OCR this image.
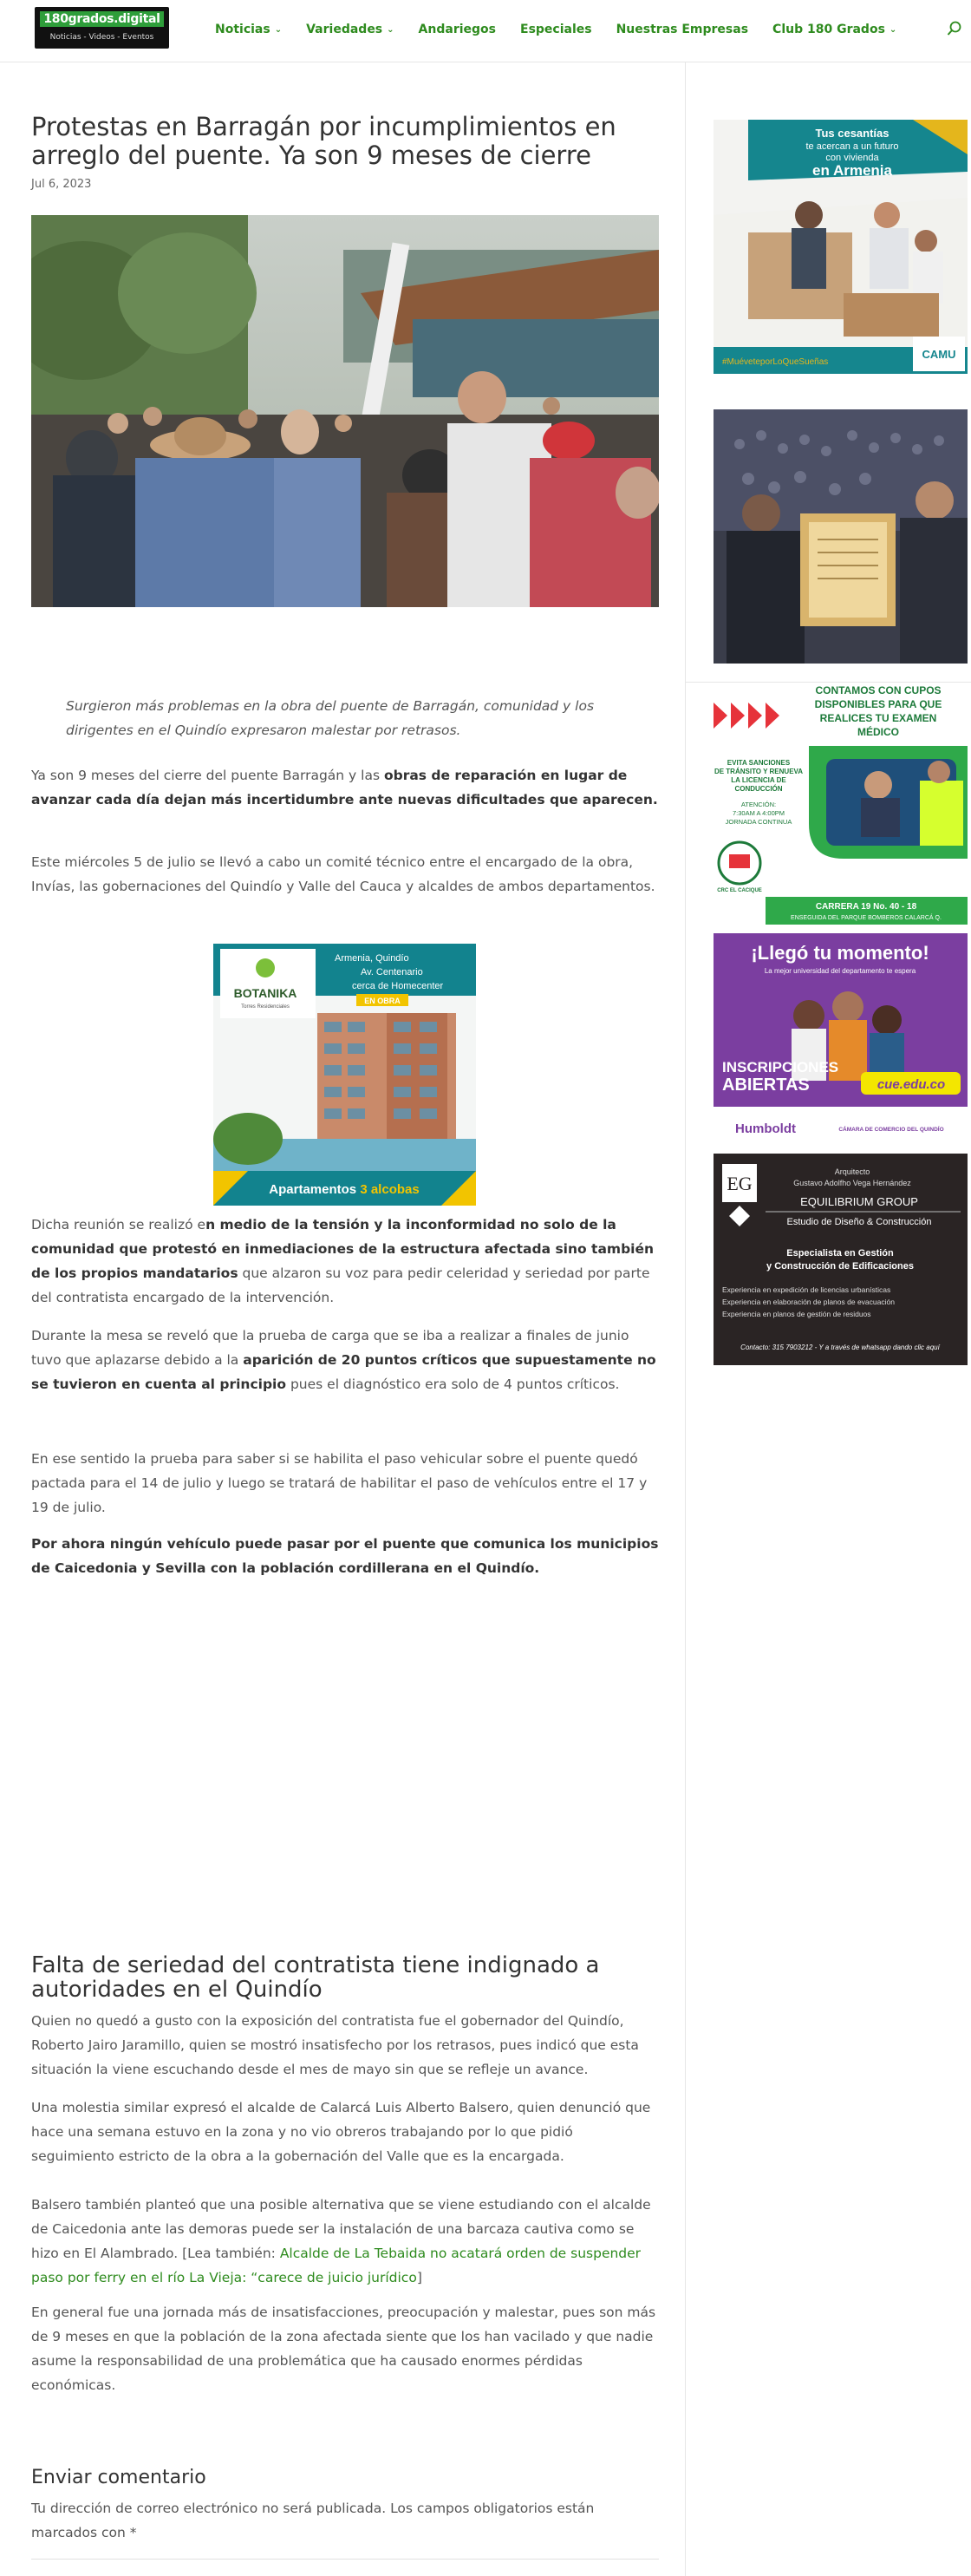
180grados.digital
Noticias - Videos - Eventos
Noticias ⌄ Variedades ⌄ Andariegos Especiales Nuestras Empresas Club 180 Grados ⌄
Protestas en Barragán por incumplimientos en arreglo del puente. Ya son 9 meses de cierre
Jul 6, 2023
Surgieron más problemas en la obra del puente de Barragán, comunidad y los dirigentes en el Quindío expresaron malestar por retrasos.
Ya son 9 meses del cierre del puente Barragán y las obras de reparación en lugar de avanzar cada día dejan más incertidumbre ante nuevas dificultades que aparecen.
Este miércoles 5 de julio se llevó a cabo un comité técnico entre el encargado de la obra, Invías, las gobernaciones del Quindío y Valle del Cauca y alcaldes de ambos departamentos.
BOTANIKA
Torres Residenciales
Armenia, Quindío
Av. Centenario
cerca de Homecenter
EN OBRA
Apartamentos 3 alcobas
Dicha reunión se realizó en medio de la tensión y la inconformidad no solo de la comunidad que protestó en inmediaciones de la estructura afectada sino también de los propios mandatarios que alzaron su voz para pedir celeridad y seriedad por parte del contratista encargado de la intervención.
Durante la mesa se reveló que la prueba de carga que se iba a realizar a finales de junio tuvo que aplazarse debido a la aparición de 20 puntos críticos que supuestamente no se tuvieron en cuenta al principio pues el diagnóstico era solo de 4 puntos críticos.
En ese sentido la prueba para saber si se habilita el paso vehicular sobre el puente quedó pactada para el 14 de julio y luego se tratará de habilitar el paso de vehículos entre el 17 y 19 de julio.
Por ahora ningún vehículo puede pasar por el puente que comunica los municipios de Caicedonia y Sevilla con la población cordillerana en el Quindío.
Falta de seriedad del contratista tiene indignado a autoridades en el Quindío
Quien no quedó a gusto con la exposición del contratista fue el gobernador del Quindío, Roberto Jairo Jaramillo, quien se mostró insatisfecho por los retrasos, pues indicó que esta situación la viene escuchando desde el mes de mayo sin que se refleje un avance.
Una molestia similar expresó el alcalde de Calarcá Luis Alberto Balsero, quien denunció que hace una semana estuvo en la zona y no vio obreros trabajando por lo que pidió seguimiento estricto de la obra a la gobernación del Valle que es la encargada.
Balsero también planteó que una posible alternativa que se viene estudiando con el alcalde de Caicedonia ante las demoras puede ser la instalación de una barcaza cautiva como se hizo en El Alambrado. [Lea también: Alcalde de La Tebaida no acatará orden de suspender paso por ferry en el río La Vieja: “carece de juicio jurídico]
En general fue una jornada más de insatisfacciones, preocupación y malestar, pues son más de 9 meses en que la población de la zona afectada siente que los han vacilado y que nadie asume la responsabilidad de una problemática que ha causado enormes pérdidas económicas.
Enviar comentario
Tu dirección de correo electrónico no será publicada. Los campos obligatorios están marcados con *
Tus cesantías
te acercan a un futuro
con vivienda
en Armenia
#MuéveteporLoQueSueñas
CAMU
CONTAMOS CON CUPOS
DISPONIBLES PARA QUE
REALICES TU EXAMEN
MÉDICO
EVITA SANCIONES
DE TRÁNSITO Y RENUEVA
LA LICENCIA DE
CONDUCCIÓN
ATENCIÓN:
7:30AM A 4:00PM
JORNADA CONTINUA
CRC EL CACIQUE
CARRERA 19 No. 40 - 18
ENSEGUIDA DEL PARQUE BOMBEROS CALARCÁ Q.
¡Llegó tu momento!
La mejor universidad del departamento te espera
INSCRIPCIONES
ABIERTAS	cue.edu.co
Humboldt	CÁMARA DE COMERCIO DEL QUINDÍO
EG
Arquitecto
Gustavo Adolfho Vega Hernández
EQUILIBRIUM GROUP
Estudio de Diseño & Construcción
Especialista en Gestión
y Construcción de Edificaciones
Experiencia en expedición de licencias urbanísticas
Experiencia en elaboración de planos de evacuación
Experiencia en planos de gestión de residuos
Contacto: 315 7903212 - Y a través de whatsapp dando clic aquí
